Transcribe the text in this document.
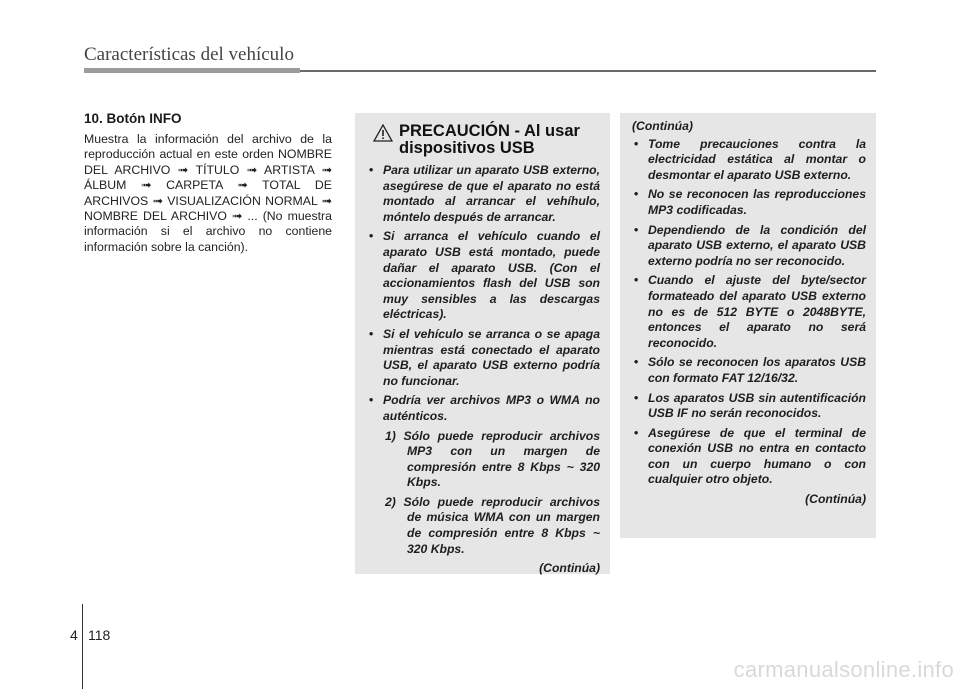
Características del vehículo
10. Botón INFO
Muestra la información del archivo de la reproducción actual en este orden NOMBRE DEL ARCHIVO ➟ TÍTULO ➟ ARTISTA ➟ ÁLBUM ➟ CARPETA ➟ TOTAL DE ARCHIVOS ➟ VISUALIZACIÓN NORMAL ➟ NOMBRE DEL ARCHIVO ➟ ... (No muestra información si el archivo no contiene información sobre la canción).
PRECAUCIÓN - Al usar
dispositivos USB
• Para utilizar un aparato USB externo, asegúrese de que el aparato no está montado al arrancar el vehíhulo, móntelo después de arrancar.
• Si arranca el vehículo cuando el aparato USB está montado, puede dañar el aparato USB. (Con el accionamientos flash del USB son muy sensibles a las descargas eléctricas).
• Si el vehículo se arranca o se apaga mientras está conectado el aparato USB, el aparato USB externo podría no funcionar.
• Podría ver archivos MP3 o WMA no auténticos.
1) Sólo puede reproducir archivos MP3 con un margen de compresión entre 8 Kbps ~ 320 Kbps.
2) Sólo puede reproducir archivos de música WMA con un margen de compresión entre 8 Kbps ~ 320 Kbps.
(Continúa)
(Continúa)
• Tome precauciones contra la electricidad estática al montar o desmontar el aparato USB externo.
• No se reconocen las reproducciones MP3 codificadas.
• Dependiendo de la condición del aparato USB externo, el aparato USB externo podría no ser reconocido.
• Cuando el ajuste del byte/sector formateado del aparato USB externo no es de 512 BYTE o 2048BYTE, entonces el aparato no será reconocido.
• Sólo se reconocen los aparatos USB con formato FAT 12/16/32.
• Los aparatos USB sin autentificación USB IF no serán reconocidos.
• Asegúrese de que el terminal de conexión USB no entra en contacto con un cuerpo humano o con cualquier otro objeto.
(Continúa)
4 118
carmanualsonline.info
